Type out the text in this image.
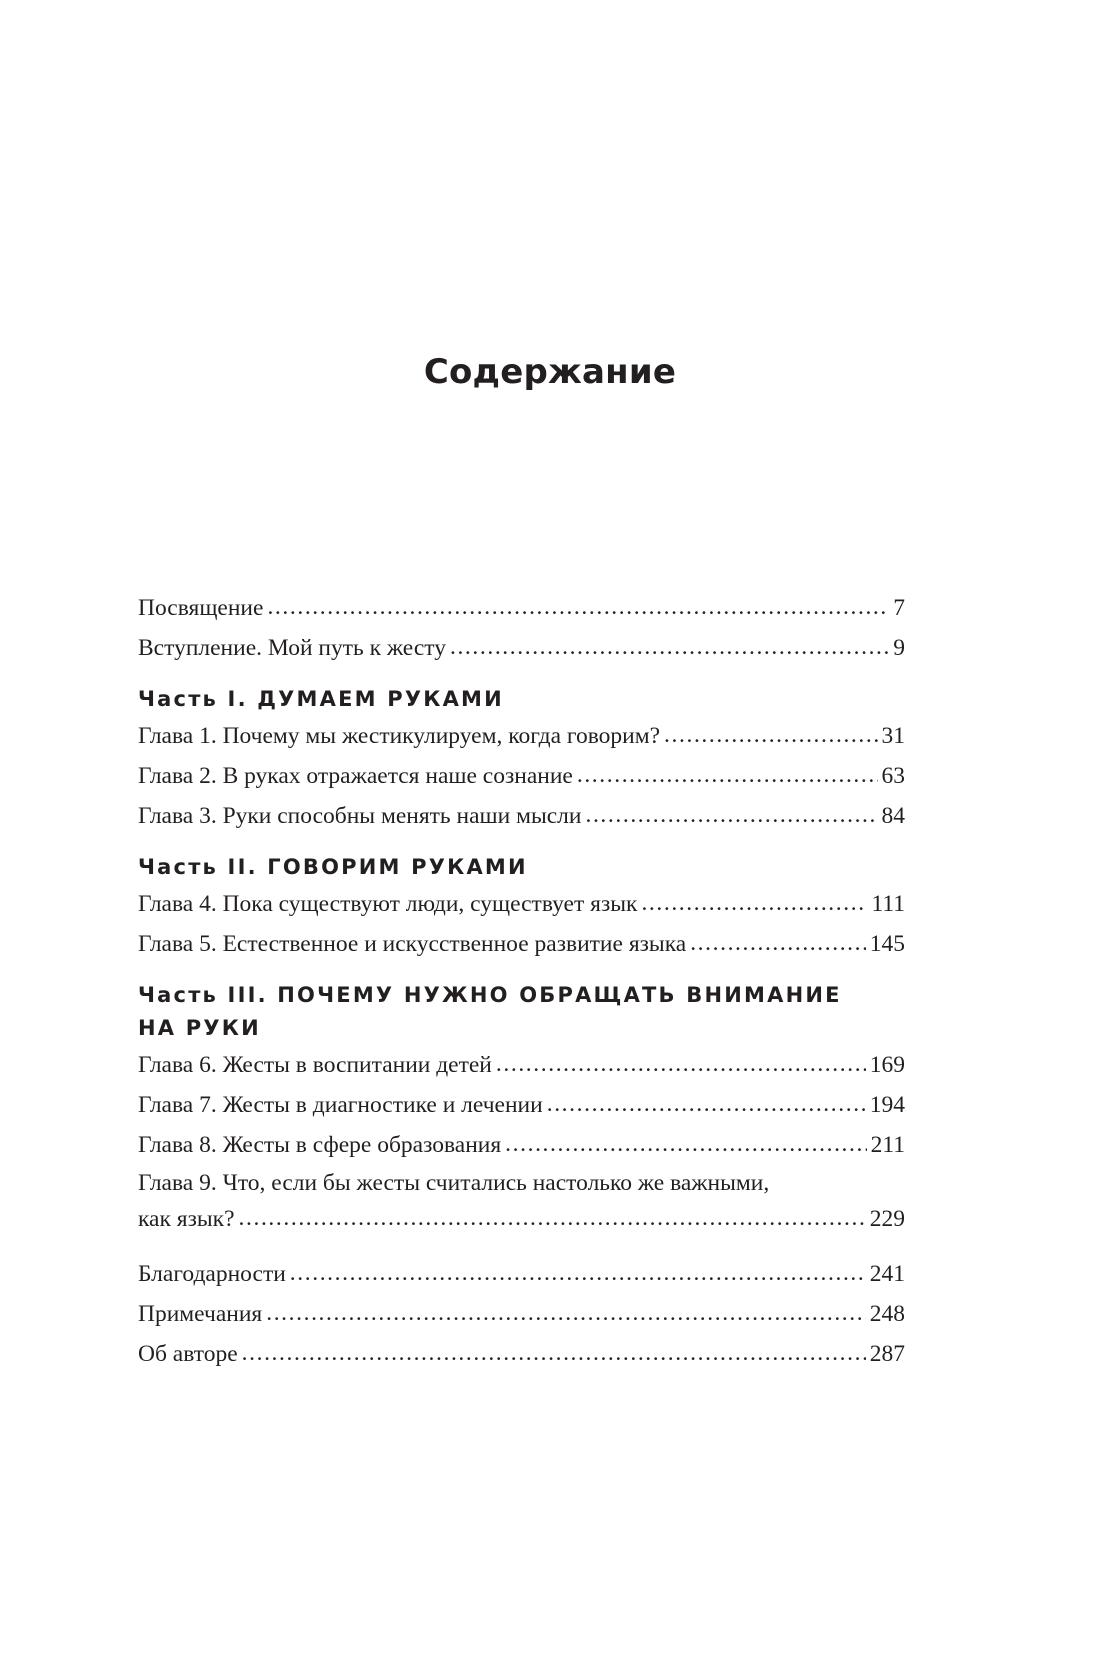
Содержание
Посвящение .....	7
Вступление. Мой путь к жесту .....	9
Часть I. ДУМАЕМ РУКАМИ
Глава 1. Почему мы жестикулируем, когда говорим? .....	31
Глава 2. В руках отражается наше сознание .....	63
Глава 3. Руки способны менять наши мысли .....	84
Часть II. ГОВОРИМ РУКАМИ
Глава 4. Пока существуют люди, существует язык .....	111
Глава 5. Естественное и искусственное развитие языка .....	145
Часть III. ПОЧЕМУ НУЖНО ОБРАЩАТЬ ВНИМАНИЕ
НА РУКИ
Глава 6. Жесты в воспитании детей .....	169
Глава 7. Жесты в диагностике и лечении .....	194
Глава 8. Жесты в сфере образования .....	211
Глава 9. Что, если бы жесты считались настолько же важными,
как язык? .....	229
Благодарности .....	241
Примечания .....	248
Об авторе .....	287
